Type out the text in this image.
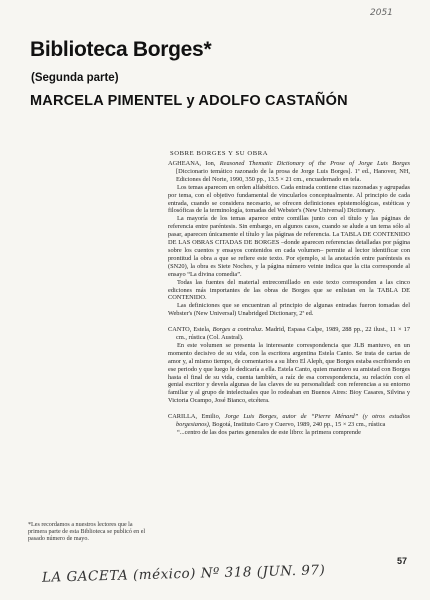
2051
Biblioteca Borges*
(Segunda parte)
MARCELA PIMENTEL y ADOLFO CASTAÑÓN
SOBRE BORGES Y SU OBRA

AGHEANA, Ion, Reasoned Thematic Dictionary of the Prose of Jorge Luis Borges [Diccionario temático razonado de la prosa de Jorge Luis Borges]. 1ª ed., Hanover, NH, Ediciones del Norte, 1990, 350 pp., 13.5 × 21 cm., encuadernado en tela.

Los temas aparecen en orden alfabético. Cada entrada contiene citas razonadas y agrupadas por tema, con el objetivo fundamental de vincularlos conceptualmente. Al principio de cada entrada, cuando se considera necesario, se ofrecen definiciones epistemológicas, estéticas y filosóficas de la terminología, tomadas del Webster's (New Universal) Dictionary.

La mayoría de los temas aparece entre comillas junto con el título y las páginas de referencia entre paréntesis. Sin embargo, en algunos casos, cuando se alude a un tema sólo al pasar, aparecen únicamente el título y las páginas de referencia. La TABLA DE CONTENIDO DE LAS OBRAS CITADAS DE BORGES –donde aparecen referencias detalladas por página sobre los cuentos y ensayos contenidos en cada volumen– permite al lector identificar con prontitud la obra a que se refiere este texto. Por ejemplo, si la anotación entre paréntesis es (SN20), la obra es Siete Noches, y la página número veinte indica que la cita corresponde al ensayo “La divina comedia”.

Todas las fuentes del material entrecomillado en este texto corresponden a las cinco ediciones más importantes de las obras de Borges que se enlistan en la TABLA DE CONTENIDO.

Las definiciones que se encuentran al principio de algunas entradas fueron tomadas del Webster's (New Universal) Unabridged Dictionary, 2ª ed.

CANTO, Estela, Borges a contraluz. Madrid, Espasa Calpe, 1989, 288 pp., 22 ilust., 11 × 17 cm., rústica (Col. Austral).

En este volumen se presenta la interesante correspondencia que JLB mantuvo, en un momento decisivo de su vida, con la escritora argentina Estela Canto. Se trata de cartas de amor y, al mismo tiempo, de comentarios a su libro El Aleph, que Borges estaba escribiendo en ese periodo y que luego le dedicaría a ella. Estela Canto, quien mantuvo su amistad con Borges hasta el final de su vida, cuenta también, a raíz de esa correspondencia, su relación con el genial escritor y devela algunas de las claves de su personalidad: con referencias a su entorno familiar y al grupo de intelectuales que lo rodeaban en Buenos Aires: Bioy Casares, Silvina y Victoria Ocampo, José Bianco, etcétera.

CARILLA, Emilio, Jorge Luis Borges, autor de “Pierre Ménard” (y otros estudios borgesianos), Bogotá, Instituto Caro y Cuervo, 1989, 240 pp., 15 × 23 cm., rústica

“...centro de las dos partes generales de este libro: la primera comprende

*Les recordamos a nuestros lectores que la primera parte de esta Biblioteca se publicó en el pasado número de mayo.
57
LA GACETA (méxico) Nº 318 (JUN. 97)
